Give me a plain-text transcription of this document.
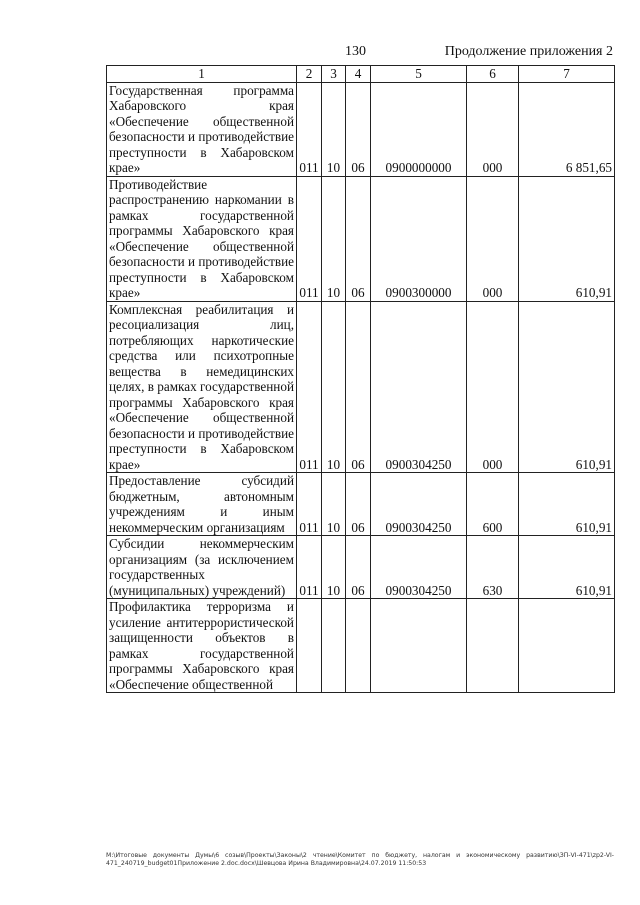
130	Продолжение приложения 2
1	2	3	4	5	6	7
Государственная программа Хабаровского края «Обеспечение общественной безопасности и противодействие преступности в Хабаровском крае»	011	10	06	0900000000	000	6 851,65
Противодействие распространению наркомании в рамках государственной программы Хабаровского края «Обеспечение общественной безопасности и противодействие преступности в Хабаровском крае»	011	10	06	0900300000	000	610,91
Комплексная реабилитация и ресоциализация лиц, потребляющих наркотические средства или психотропные вещества в немедицинских целях, в рамках государственной программы Хабаровского края «Обеспечение общественной безопасности и противодействие преступности в Хабаровском крае»	011	10	06	0900304250	000	610,91
Предоставление субсидий бюджетным, автономным учреждениям и иным некоммерческим организациям	011	10	06	0900304250	600	610,91
Субсидии некоммерческим организациям (за исключением государственных (муниципальных) учреждений)	011	10	06	0900304250	630	610,91
Профилактика терроризма и усиление антитеррористической защищенности объектов в рамках государственной программы Хабаровского края «Обеспечение общественной						
M:\Итоговые документы Думы\6 созыв\Проекты\Законы\2 чтение\Комитет по бюджету, налогам и экономическому развитию\ЗП-VI-471\zp2-VI-471_240719_budget01Приложение 2.doc.docx\Шевцова Ирина Владимировна\24.07.2019 11:50:53
